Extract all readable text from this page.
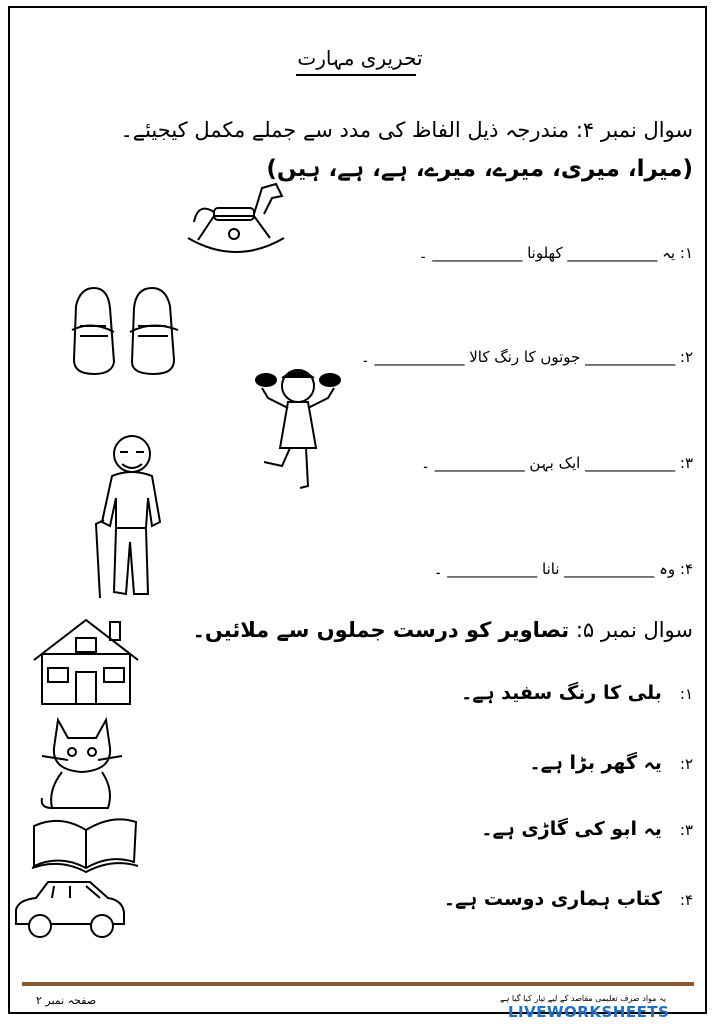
تحریری مہارت
سوال نمبر ۴: مندرجہ ذیل الفاظ کی مدد سے جملے مکمل کیجیئے۔
(میرا، میری، میرے، میرے، ہے، ہے، ہیں)
۱: یہ ____________ کھلونا ____________ ۔
۲: ____________ جوتوں کا رنگ کالا ____________ ۔
۳: ____________ ایک بہن ____________ ۔
۴: وہ ____________ نانا ____________ ۔
سوال نمبر ۵: تصاویر کو درست جملوں سے ملائیں۔
۱:بلی کا رنگ سفید ہے۔
۲:یہ گھر بڑا ہے۔
۳:یہ ابو کی گاڑی ہے۔
۴:کتاب ہماری دوست ہے۔
صفحہ نمبر ۲	یہ مواد صرف تعلیمی مقاصد کے لیے تیار کیا گیا ہے
LIVEWORKSHEETS
